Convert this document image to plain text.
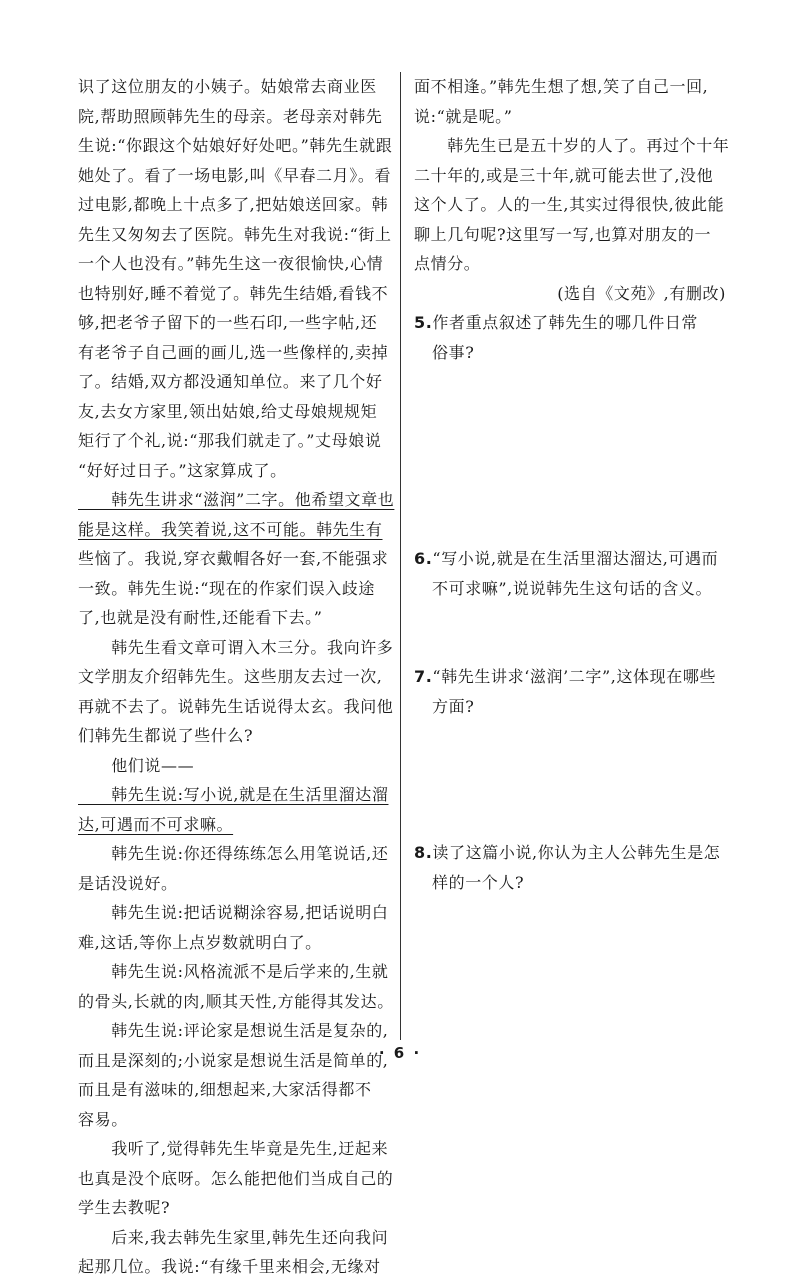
识了这位朋友的小姨子。姑娘常去商业医
院,帮助照顾韩先生的母亲。老母亲对韩先
生说:“你跟这个姑娘好好处吧。”韩先生就跟
她处了。看了一场电影,叫《早春二月》。看
过电影,都晚上十点多了,把姑娘送回家。韩
先生又匆匆去了医院。韩先生对我说:“街上
一个人也没有。”韩先生这一夜很愉快,心情
也特别好,睡不着觉了。韩先生结婚,看钱不
够,把老爷子留下的一些石印,一些字帖,还
有老爷子自己画的画儿,选一些像样的,卖掉
了。结婚,双方都没通知单位。来了几个好
友,去女方家里,领出姑娘,给丈母娘规规矩
矩行了个礼,说:“那我们就走了。”丈母娘说
“好好过日子。”这家算成了。
　　韩先生讲求“滋润”二字。他希望文章也
能是这样。我笑着说,这不可能。韩先生有
些恼了。我说,穿衣戴帽各好一套,不能强求
一致。韩先生说:“现在的作家们误入歧途
了,也就是没有耐性,还能看下去。”
　　韩先生看文章可谓入木三分。我向许多
文学朋友介绍韩先生。这些朋友去过一次,
再就不去了。说韩先生话说得太玄。我问他
们韩先生都说了些什么?
　　他们说——
　　韩先生说:写小说,就是在生活里溜达溜
达,可遇而不可求嘛。
　　韩先生说:你还得练练怎么用笔说话,还
是话没说好。
　　韩先生说:把话说糊涂容易,把话说明白
难,这话,等你上点岁数就明白了。
　　韩先生说:风格流派不是后学来的,生就
的骨头,长就的肉,顺其天性,方能得其发达。
　　韩先生说:评论家是想说生活是复杂的,
而且是深刻的;小说家是想说生活是简单的,
而且是有滋味的,细想起来,大家活得都不
容易。
　　我听了,觉得韩先生毕竟是先生,迂起来
也真是没个底呀。怎么能把他们当成自己的
学生去教呢?
　　后来,我去韩先生家里,韩先生还向我问
起那几位。我说:“有缘千里来相会,无缘对
面不相逢。”韩先生想了想,笑了自己一回,
说:“就是呢。”
　　韩先生已是五十岁的人了。再过个十年
二十年的,或是三十年,就可能去世了,没他
这个人了。人的一生,其实过得很快,彼此能
聊上几句呢?这里写一写,也算对朋友的一
点情分。
(选自《文苑》,有删改)
5.作者重点叙述了韩先生的哪几件日常
俗事?
6.“写小说,就是在生活里溜达溜达,可遇而
不可求嘛”,说说韩先生这句话的含义。
7.“韩先生讲求‘滋润’二字”,这体现在哪些
方面?
8.读了这篇小说,你认为主人公韩先生是怎
样的一个人?
· 6 ·
